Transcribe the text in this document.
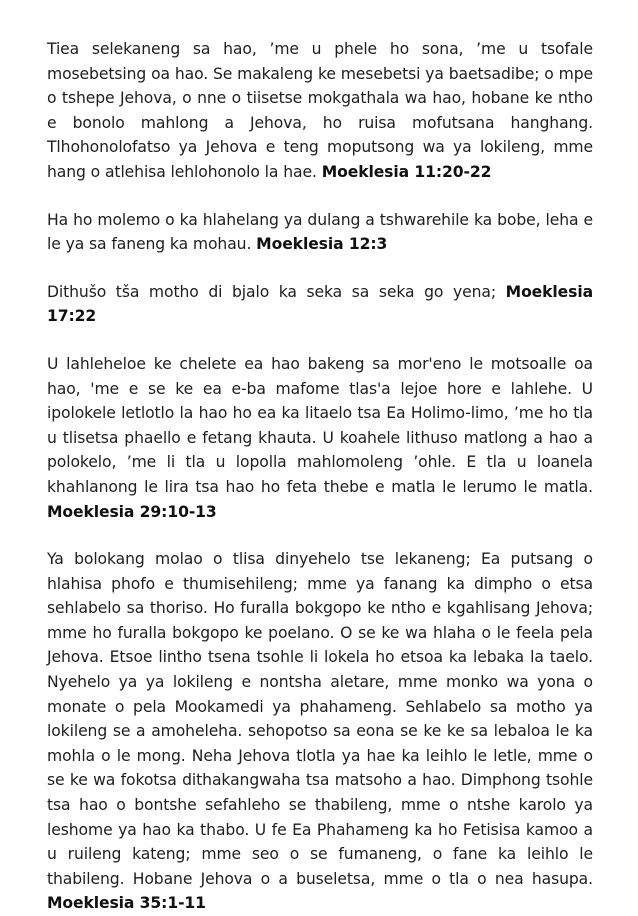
Tiea selekaneng sa hao, ’me u phele ho sona, ’me u tsofale mosebetsing oa hao. Se makaleng ke mesebetsi ya baetsadibe; o mpe o tshepe Jehova, o nne o tiisetse mokgathala wa hao, hobane ke ntho e bonolo mahlong a Jehova, ho ruisa mofutsana hanghang. Tlhohonolofatso ya Jehova e teng moputsong wa ya lokileng, mme hang o atlehisa lehlohonolo la hae. Moeklesia 11:20-22

Ha ho molemo o ka hlahelang ya dulang a tshwarehile ka bobe, leha e le ya sa faneng ka mohau. Moeklesia 12:3

Dithušo tša motho di bjalo ka seka sa seka go yena; Moeklesia 17:22

U lahleheloe ke chelete ea hao bakeng sa mor'eno le motsoalle oa hao, 'me e se ke ea e-ba mafome tlas'a lejoe hore e lahlehe. U ipolokele letlotlo la hao ho ea ka litaelo tsa Ea Holimo-limo, ’me ho tla u tlisetsa phaello e fetang khauta. U koahele lithuso matlong a hao a polokelo, ’me li tla u lopolla mahlomoleng ’ohle. E tla u loanela khahlanong le lira tsa hao ho feta thebe e matla le lerumo le matla. Moeklesia 29:10-13

Ya bolokang molao o tlisa dinyehelo tse lekaneng; Ea putsang o hlahisa phofo e thumisehileng; mme ya fanang ka dimpho o etsa sehlabelo sa thoriso. Ho furalla bokgopo ke ntho e kgahlisang Jehova; mme ho furalla bokgopo ke poelano. O se ke wa hlaha o le feela pela Jehova. Etsoe lintho tsena tsohle li lokela ho etsoa ka lebaka la taelo. Nyehelo ya ya lokileng e nontsha aletare, mme monko wa yona o monate o pela Mookamedi ya phahameng. Sehlabelo sa motho ya lokileng se a amoheleha. sehopotso sa eona se ke ke sa lebaloa le ka mohla o le mong. Neha Jehova tlotla ya hae ka leihlo le letle, mme o se ke wa fokotsa dithakangwaha tsa matsoho a hao. Dimphong tsohle tsa hao o bontshe sefahleho se thabileng, mme o ntshe karolo ya leshome ya hao ka thabo. U fe Ea Phahameng ka ho Fetisisa kamoo a u ruileng kateng; mme seo o se fumaneng, o fane ka leihlo le thabileng. Hobane Jehova o a buseletsa, mme o tla o nea hasupa. Moeklesia 35:1-11
